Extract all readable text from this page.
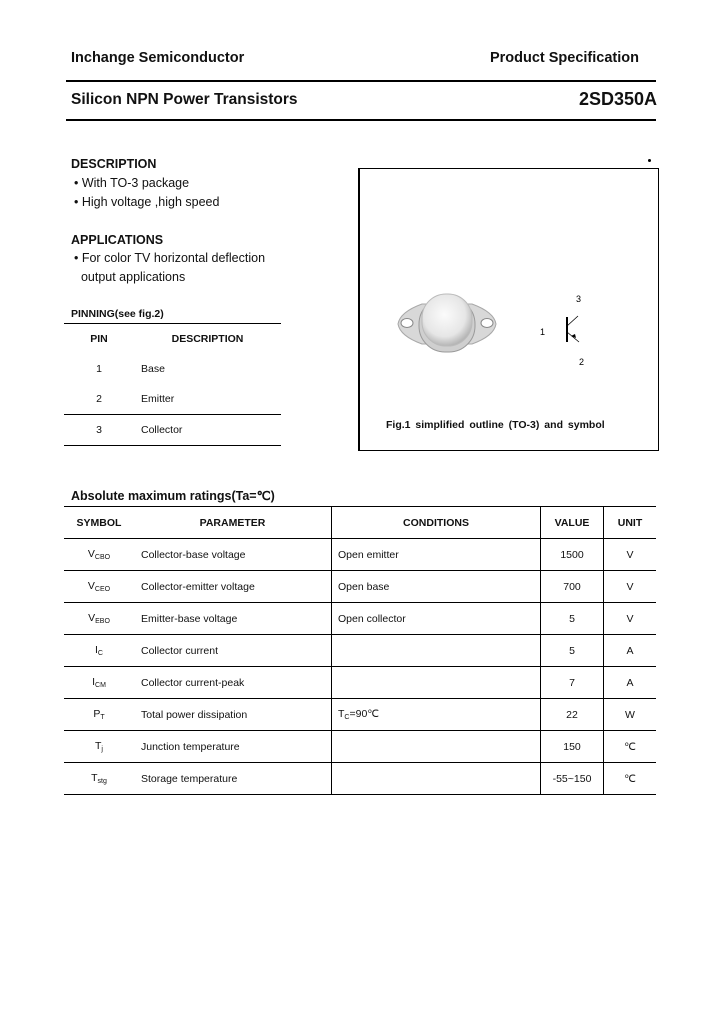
Inchange Semiconductor	Product Specification
Silicon NPN Power Transistors	2SD350A
DESCRIPTION
• With TO-3 package
• High voltage ,high speed
APPLICATIONS
• For color TV horizontal deflection
output applications
PINNING(see fig.2)
PIN	DESCRIPTION
1	Base
2	Emitter
3	Collector
3
1
2
Fig.1 simplified outline (TO-3) and symbol
Absolute maximum ratings(Ta=℃)
SYMBOL	PARAMETER	CONDITIONS	VALUE	UNIT
$V_{CBO}$	Collector-base voltage	Open emitter	1500	V
$V_{CEO}$	Collector-emitter voltage	Open base	700	V
$V_{EBO}$	Emitter-base voltage	Open collector	5	V
$I_C$	Collector current		5	A
$I_{CM}$	Collector current-peak		7	A
$P_T$	Total power dissipation	$T_C=90℃$	22	W
$T_j$	Junction temperature		150	℃
$T_{stg}$	Storage temperature		-55~150	℃
